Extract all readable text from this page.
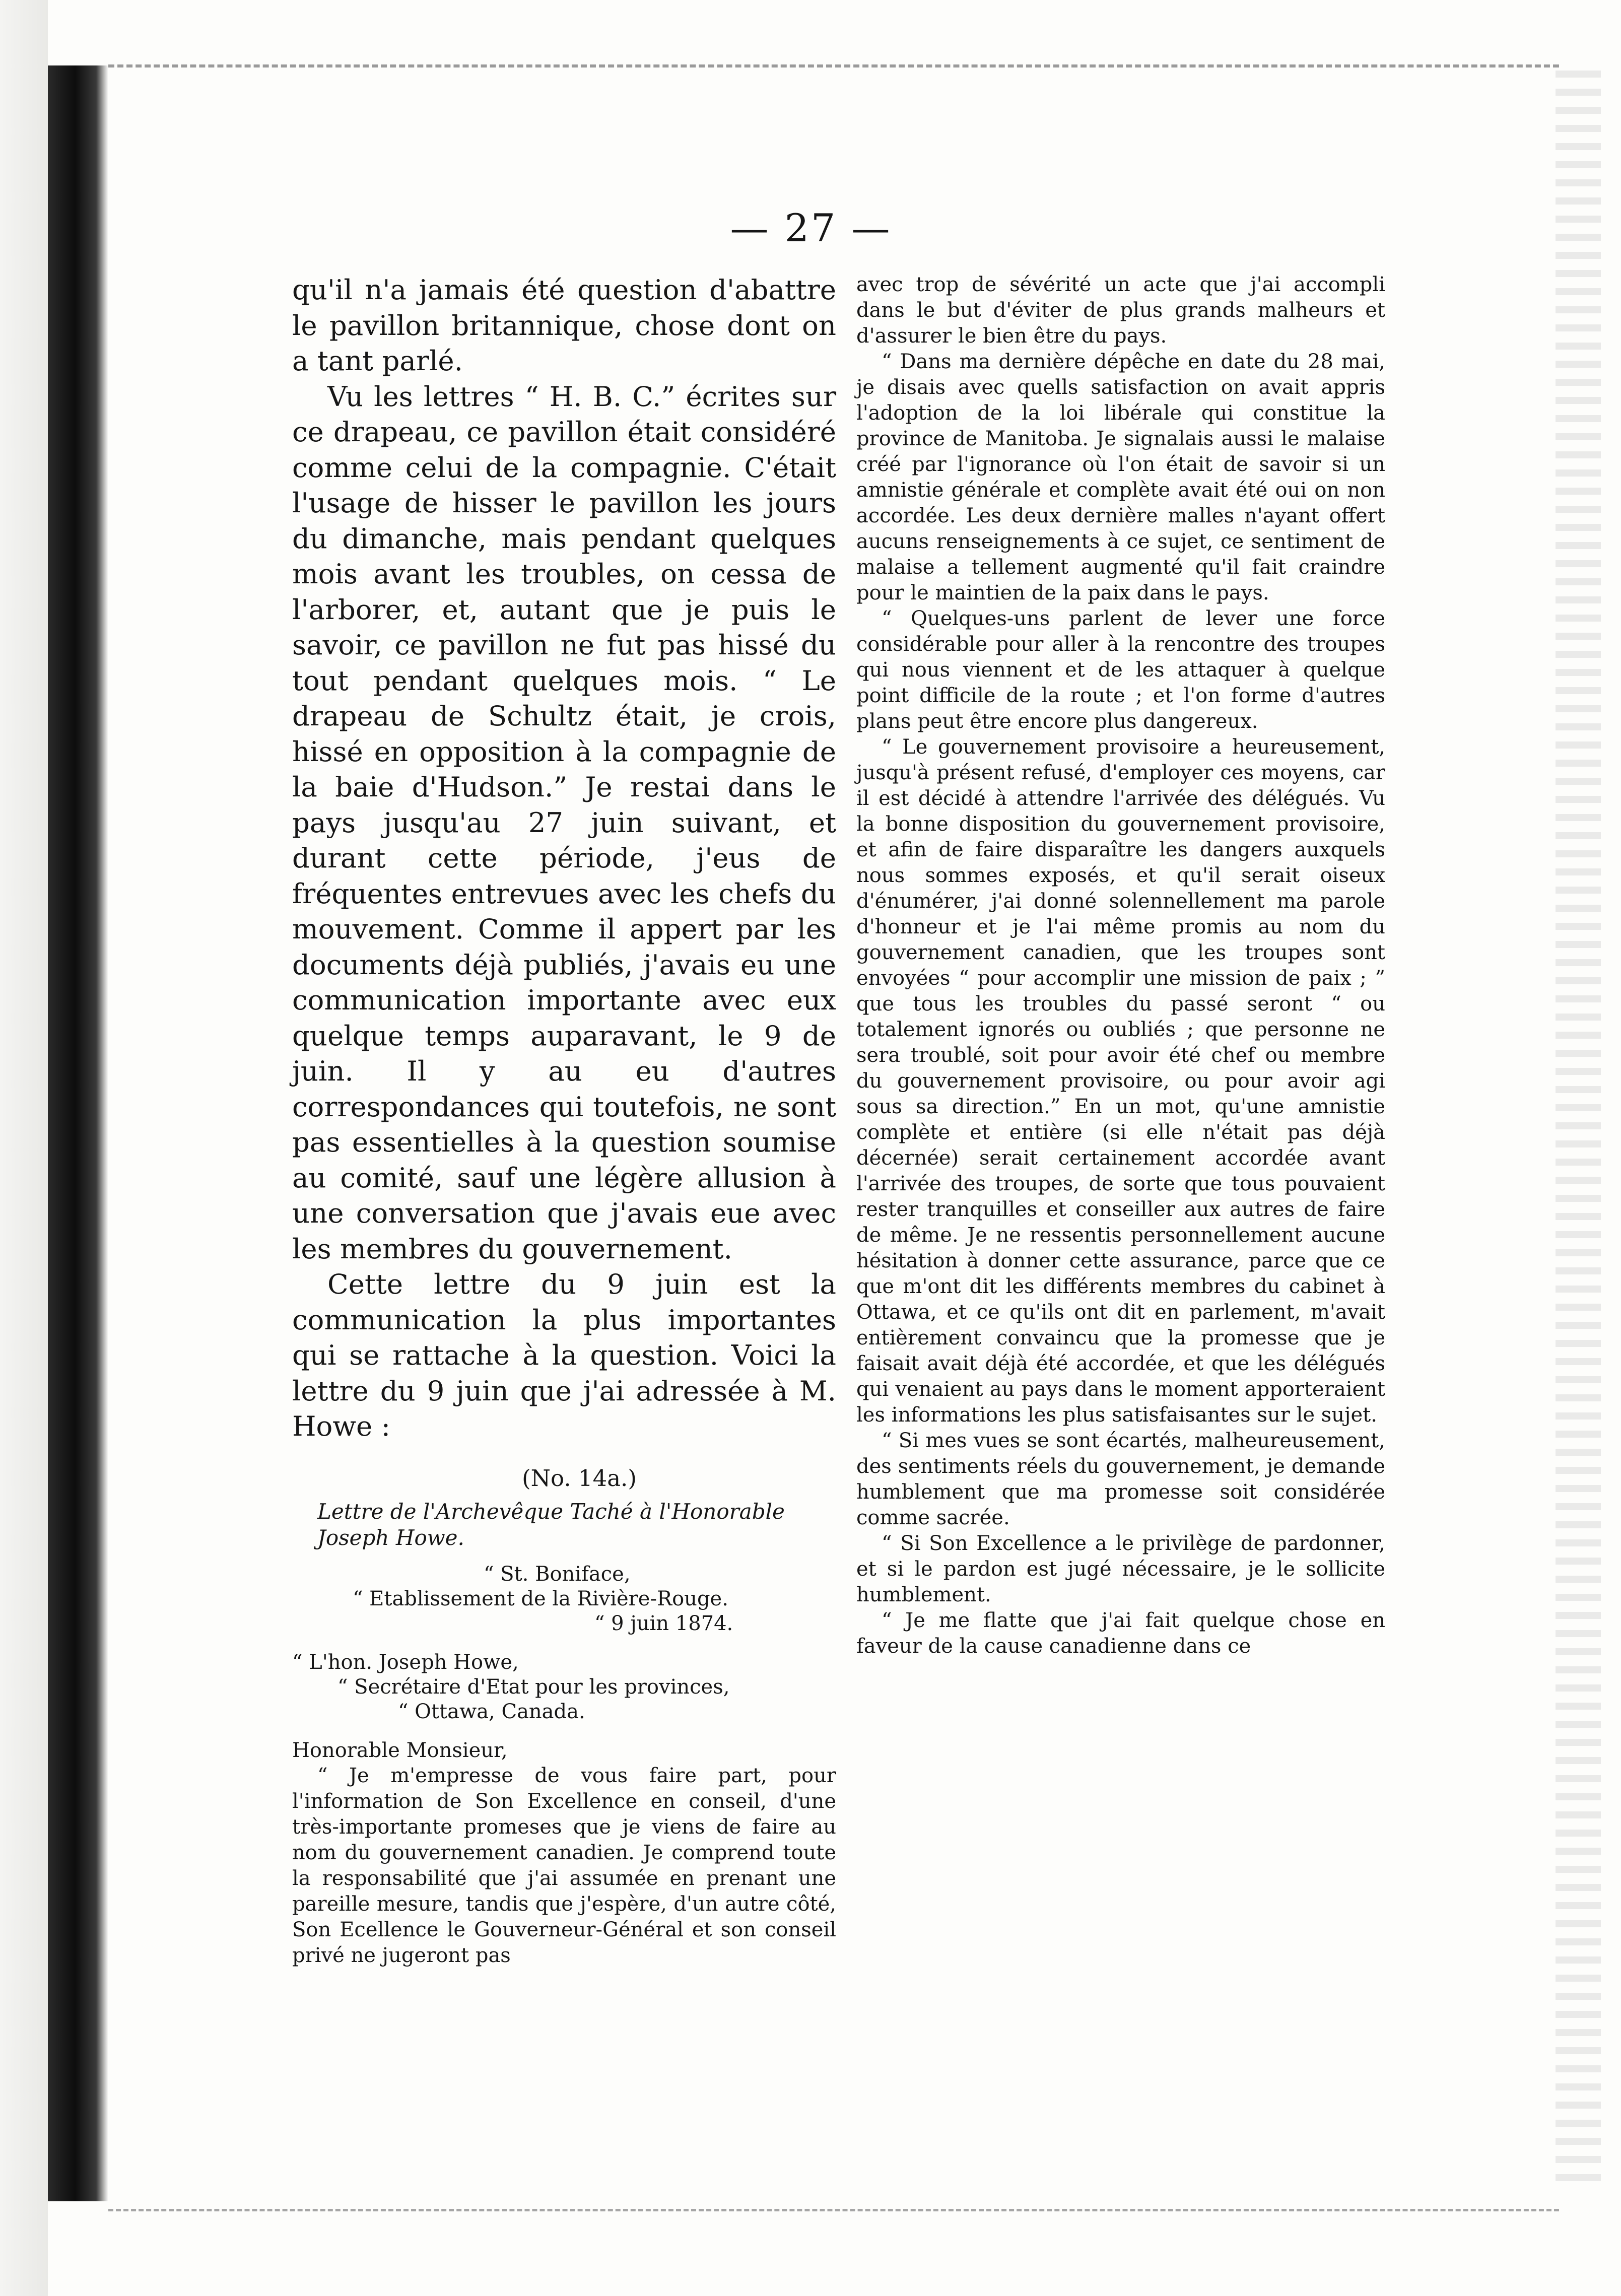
— 27 —

qu'il n'a jamais été question d'abattre le pavillon britannique, chose dont on a tant parlé.

Vu les lettres “ H. B. C.” écrites sur ce drapeau, ce pavillon était considéré comme celui de la compagnie. C'était l'usage de hisser le pavillon les jours du dimanche, mais pendant quelques mois avant les troubles, on cessa de l'arborer, et, autant que je puis le savoir, ce pavillon ne fut pas hissé du tout pendant quelques mois. “ Le drapeau de Schultz était, je crois, hissé en opposition à la compagnie de la baie d'Hudson.” Je restai dans le pays jusqu'au 27 juin suivant, et durant cette période, j'eus de fréquentes entrevues avec les chefs du mouvement. Comme il appert par les documents déjà publiés, j'avais eu une communication importante avec eux quelque temps auparavant, le 9 de juin. Il y au eu d'autres correspondances qui toutefois, ne sont pas essentielles à la question soumise au comité, sauf une légère allusion à une conversation que j'avais eue avec les membres du gouvernement.

Cette lettre du 9 juin est la communication la plus importantes qui se rattache à la question. Voici la lettre du 9 juin que j'ai adressée à M. Howe :

(No. 14a.)
Lettre de l'Archevêque Taché à l'Honorable Joseph Howe.
“ St. Boniface,
“ Etablissement de la Rivière-Rouge.
“ 9 juin 1874.
“ L'hon. Joseph Howe,
“ Secrétaire d'Etat pour les provinces,
“ Ottawa, Canada.
Honorable Monsieur,

“ Je m'empresse de vous faire part, pour l'information de Son Excellence en conseil, d'une très-importante promeses que je viens de faire au nom du gouvernement canadien. Je comprend toute la responsabilité que j'ai assumée en prenant une pareille mesure, tandis que j'espère, d'un autre côté, Son Ecellence le Gouverneur-Général et son conseil privé ne jugeront pas

avec trop de sévérité un acte que j'ai accompli dans le but d'éviter de plus grands malheurs et d'assurer le bien être du pays.

“ Dans ma dernière dépêche en date du 28 mai, je disais avec quells satisfaction on avait appris l'adoption de la loi libérale qui constitue la province de Manitoba. Je signalais aussi le malaise créé par l'ignorance où l'on était de savoir si un amnistie générale et complète avait été oui on non accordée. Les deux dernière malles n'ayant offert aucuns renseignements à ce sujet, ce sentiment de malaise a tellement augmenté qu'il fait craindre pour le maintien de la paix dans le pays.

“ Quelques-uns parlent de lever une force considérable pour aller à la rencontre des troupes qui nous viennent et de les attaquer à quelque point difficile de la route ; et l'on forme d'autres plans peut être encore plus dangereux.

“ Le gouvernement provisoire a heureusement, jusqu'à présent refusé, d'employer ces moyens, car il est décidé à attendre l'arrivée des délégués. Vu la bonne disposition du gouvernement provisoire, et afin de faire disparaître les dangers auxquels nous sommes exposés, et qu'il serait oiseux d'énumérer, j'ai donné solennellement ma parole d'honneur et je l'ai même promis au nom du gouvernement canadien, que les troupes sont envoyées “ pour accomplir une mission de paix ; ” que tous les troubles du passé seront “ ou totalement ignorés ou oubliés ; que personne ne sera troublé, soit pour avoir été chef ou membre du gouvernement provisoire, ou pour avoir agi sous sa direction.” En un mot, qu'une amnistie complète et entière (si elle n'était pas déjà décernée) serait certainement accordée avant l'arrivée des troupes, de sorte que tous pouvaient rester tranquilles et conseiller aux autres de faire de même. Je ne ressentis personnellement aucune hésitation à donner cette assurance, parce que ce que m'ont dit les différents membres du cabinet à Ottawa, et ce qu'ils ont dit en parlement, m'avait entièrement convaincu que la promesse que je faisait avait déjà été accordée, et que les délégués qui venaient au pays dans le moment apporteraient les informations les plus satisfaisantes sur le sujet.

“ Si mes vues se sont écartés, malheureusement, des sentiments réels du gouvernement, je demande humblement que ma promesse soit considérée comme sacrée.

“ Si Son Excellence a le privilège de pardonner, et si le pardon est jugé nécessaire, je le sollicite humblement.

“ Je me flatte que j'ai fait quelque chose en faveur de la cause canadienne dans ce
